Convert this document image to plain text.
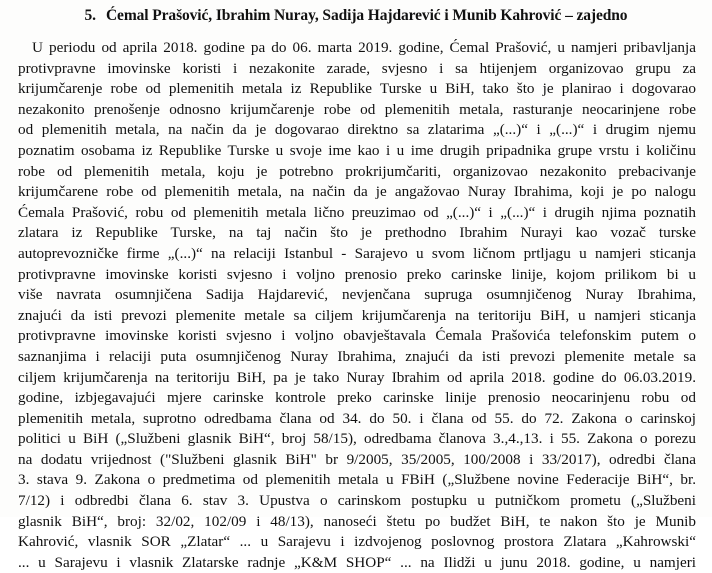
5. Ćemal Prašović, Ibrahim Nuray, Sadija Hajdarević i Munib Kahrović – zajedno
U periodu od aprila 2018. godine pa do 06. marta 2019. godine, Ćemal Prašović, u namjeri pribavljanja
protivpravne imovinske koristi i nezakonite zarade, svjesno i sa htijenjem organizovao grupu za
krijumčarenje robe od plemenitih metala iz Republike Turske u BiH, tako što je planirao i dogovarao
nezakonito prenošenje odnosno krijumčarenje robe od plemenitih metala, rasturanje neocarinjene robe
od plemenitih metala, na način da je dogovarao direktno sa zlatarima „(...)“ i „(...)“ i drugim njemu
poznatim osobama iz Republike Turske u svoje ime kao i u ime drugih pripadnika grupe vrstu i količinu
robe od plemenitih metala, koju je potrebno prokrijumčariti, organizovao nezakonito prebacivanje
krijumčarene robe od plemenitih metala, na način da je angažovao Nuray Ibrahima, koji je po nalogu
Ćemala Prašović, robu od plemenitih metala lično preuzimao od „(...)“ i „(...)“ i drugih njima poznatih
zlatara iz Republike Turske, na taj način što je prethodno Ibrahim Nurayi kao vozač turske
autoprevozničke firme „(...)“ na relaciji Istanbul - Sarajevo u svom ličnom prtljagu u namjeri sticanja
protivpravne imovinske koristi svjesno i voljno prenosio preko carinske linije, kojom prilikom bi u
više navrata osumnjičena Sadija Hajdarević, nevjenčana supruga osumnjičenog Nuray Ibrahima,
znajući da isti prevozi plemenite metale sa ciljem krijumčarenja na teritoriju BiH, u namjeri sticanja
protivpravne imovinske koristi svjesno i voljno obavještavala Ćemala Prašovića telefonskim putem o
saznanjima i relaciji puta osumnjičenog Nuray Ibrahima, znajući da isti prevozi plemenite metale sa
ciljem krijumčarenja na teritoriju BiH, pa je tako Nuray Ibrahim od aprila 2018. godine do 06.03.2019.
godine, izbjegavajući mjere carinske kontrole preko carinske linije prenosio neocarinjenu robu od
plemenitih metala, suprotno odredbama člana od 34. do 50. i člana od 55. do 72. Zakona o carinskoj
politici u BiH („Službeni glasnik BiH“, broj 58/15), odredbama članova 3.,4.,13. i 55. Zakona o porezu
na dodatu vrijednost ("Službeni glasnik BiH" br 9/2005, 35/2005, 100/2008 i 33/2017), odredbi člana
3. stava 9. Zakona o predmetima od plemenitih metala u FBiH („Službene novine Federacije BiH“, br.
7/12) i odbredbi člana 6. stav 3. Upustva o carinskom postupku u putničkom prometu („Službeni
glasnik BiH“, broj: 32/02, 102/09 i 48/13), nanoseći štetu po budžet BiH, te nakon što je Munib
Kahrović, vlasnik SOR „Zlatar“ ... u Sarajevu i izdvojenog poslovnog prostora Zlatara „Kahrowski“
... u Sarajevu i vlasnik Zlatarske radnje „K&M SHOP“ ... na Ilidži u junu 2018. godine, u namjeri
